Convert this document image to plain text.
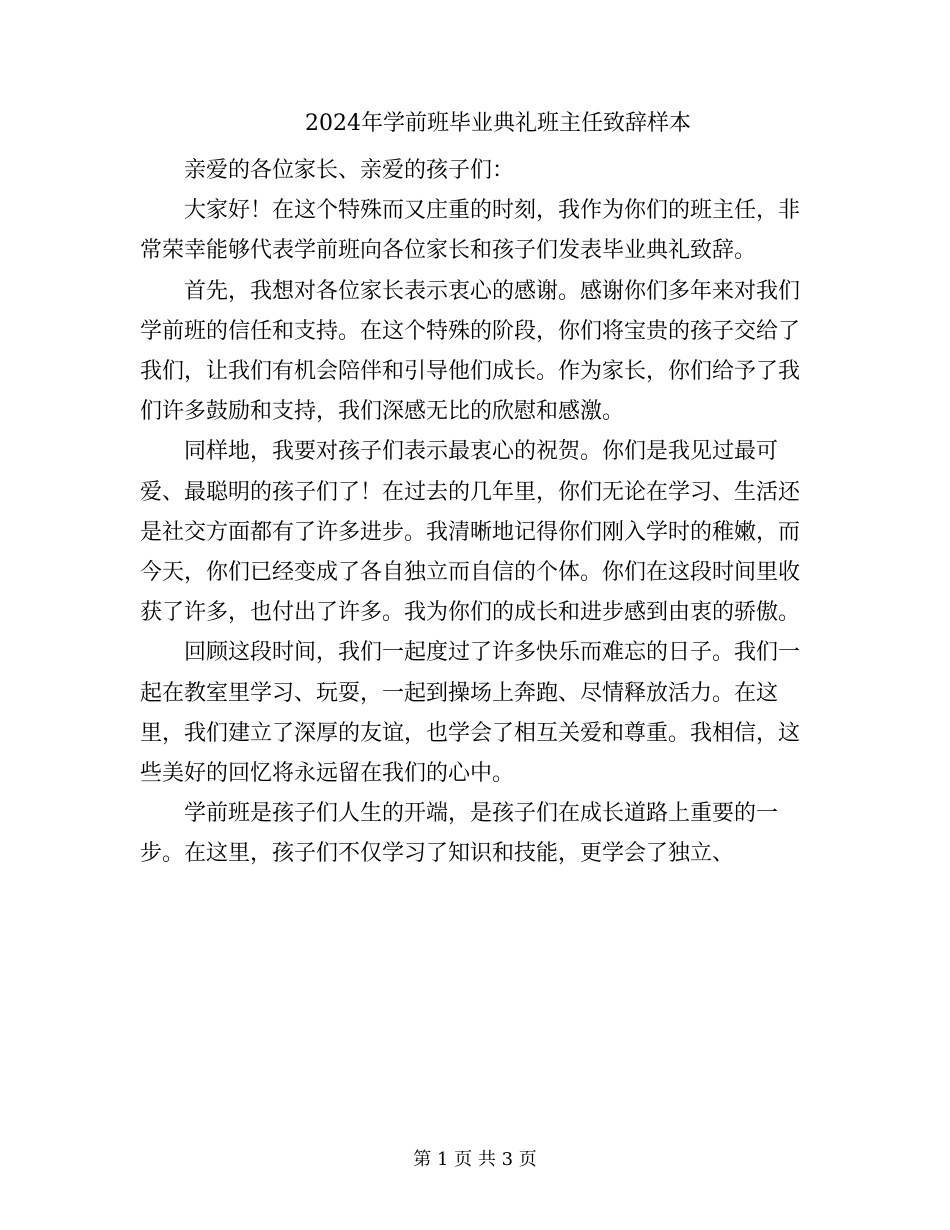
2024年学前班毕业典礼班主任致辞样本

亲爱的各位家长、亲爱的孩子们：

大家好！在这个特殊而又庄重的时刻，我作为你们的班主任，非常荣幸能够代表学前班向各位家长和孩子们发表毕业典礼致辞。

首先，我想对各位家长表示衷心的感谢。感谢你们多年来对我们学前班的信任和支持。在这个特殊的阶段，你们将宝贵的孩子交给了我们，让我们有机会陪伴和引导他们成长。作为家长，你们给予了我们许多鼓励和支持，我们深感无比的欣慰和感激。

同样地，我要对孩子们表示最衷心的祝贺。你们是我见过最可爱、最聪明的孩子们了！在过去的几年里，你们无论在学习、生活还是社交方面都有了许多进步。我清晰地记得你们刚入学时的稚嫩，而今天，你们已经变成了各自独立而自信的个体。你们在这段时间里收获了许多，也付出了许多。我为你们的成长和进步感到由衷的骄傲。

回顾这段时间，我们一起度过了许多快乐而难忘的日子。我们一起在教室里学习、玩耍，一起到操场上奔跑、尽情释放活力。在这里，我们建立了深厚的友谊，也学会了相互关爱和尊重。我相信，这些美好的回忆将永远留在我们的心中。

学前班是孩子们人生的开端，是孩子们在成长道路上重要的一步。在这里，孩子们不仅学习了知识和技能，更学会了独立、

第 1 页 共 3 页
